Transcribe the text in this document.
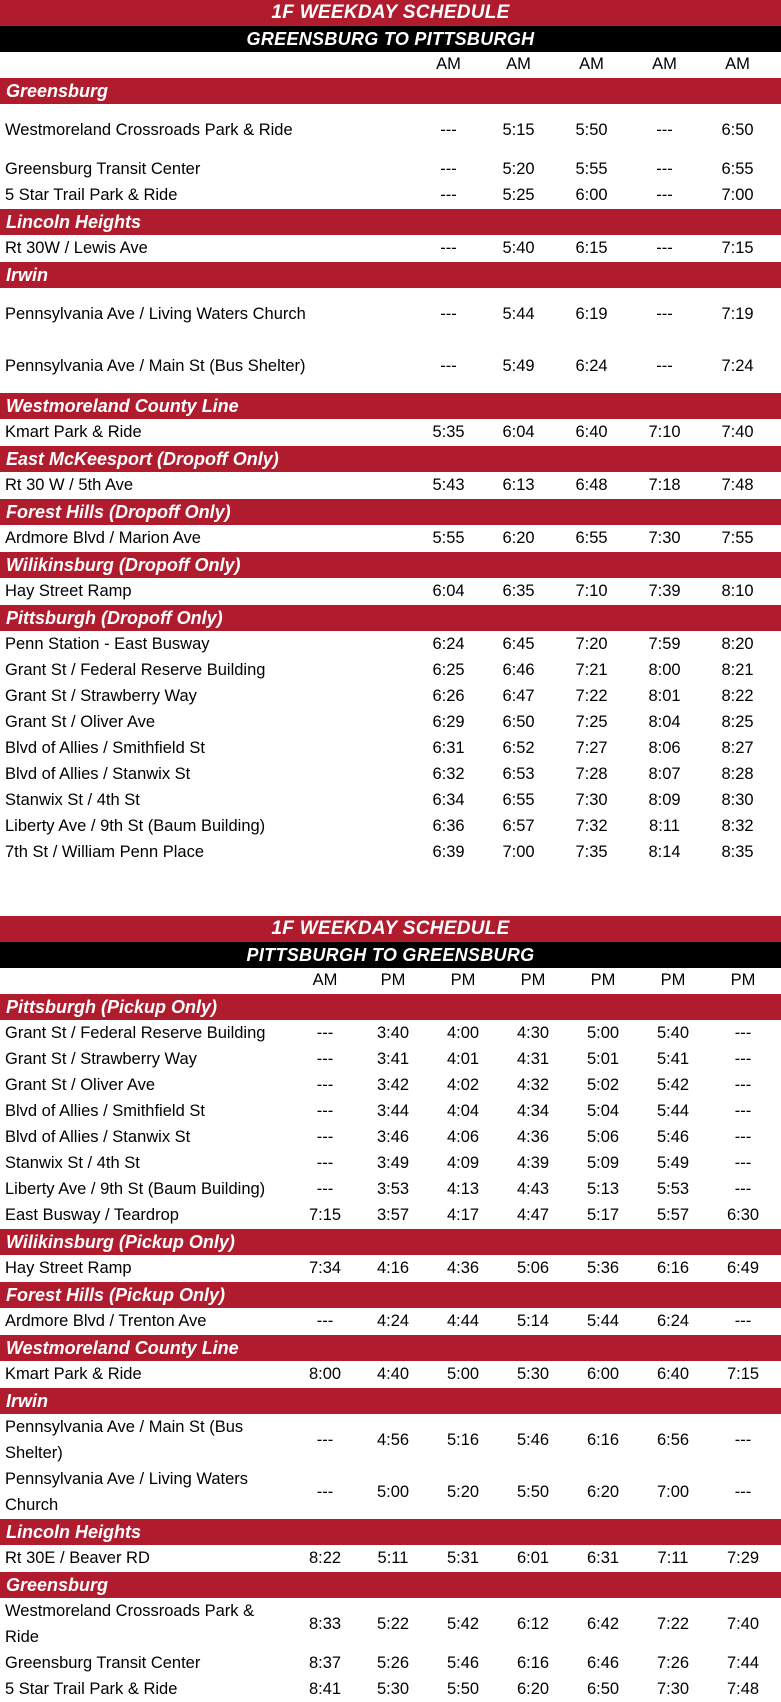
1F WEEKDAY SCHEDULE
GREENSBURG TO PITTSBURGH
AM	AM	AM	AM	AM
Greensburg
Westmoreland Crossroads Park & Ride	---	5:15	5:50	---	6:50
Greensburg Transit Center	---	5:20	5:55	---	6:55
5 Star Trail Park & Ride	---	5:25	6:00	---	7:00
Lincoln Heights
Rt 30W / Lewis Ave	---	5:40	6:15	---	7:15
Irwin
Pennsylvania Ave / Living Waters Church	---	5:44	6:19	---	7:19
Pennsylvania Ave / Main St (Bus Shelter)	---	5:49	6:24	---	7:24
Westmoreland County Line
Kmart Park & Ride	5:35	6:04	6:40	7:10	7:40
East McKeesport (Dropoff Only)
Rt 30 W / 5th Ave	5:43	6:13	6:48	7:18	7:48
Forest Hills (Dropoff Only)
Ardmore Blvd / Marion Ave	5:55	6:20	6:55	7:30	7:55
Wilikinsburg (Dropoff Only)
Hay Street Ramp	6:04	6:35	7:10	7:39	8:10
Pittsburgh (Dropoff Only)
Penn Station - East Busway	6:24	6:45	7:20	7:59	8:20
Grant St / Federal Reserve Building	6:25	6:46	7:21	8:00	8:21
Grant St / Strawberry Way	6:26	6:47	7:22	8:01	8:22
Grant St / Oliver Ave	6:29	6:50	7:25	8:04	8:25
Blvd of Allies / Smithfield St	6:31	6:52	7:27	8:06	8:27
Blvd of Allies / Stanwix St	6:32	6:53	7:28	8:07	8:28
Stanwix St / 4th St	6:34	6:55	7:30	8:09	8:30
Liberty Ave / 9th St (Baum Building)	6:36	6:57	7:32	8:11	8:32
7th St / William Penn Place	6:39	7:00	7:35	8:14	8:35
1F WEEKDAY SCHEDULE
PITTSBURGH TO GREENSBURG
AM	PM	PM	PM	PM	PM	PM
Pittsburgh (Pickup Only)
Grant St / Federal Reserve Building	---	3:40	4:00	4:30	5:00	5:40	---
Grant St / Strawberry Way	---	3:41	4:01	4:31	5:01	5:41	---
Grant St / Oliver Ave	---	3:42	4:02	4:32	5:02	5:42	---
Blvd of Allies / Smithfield St	---	3:44	4:04	4:34	5:04	5:44	---
Blvd of Allies / Stanwix St	---	3:46	4:06	4:36	5:06	5:46	---
Stanwix St / 4th St	---	3:49	4:09	4:39	5:09	5:49	---
Liberty Ave / 9th St (Baum Building)	---	3:53	4:13	4:43	5:13	5:53	---
East Busway / Teardrop	7:15	3:57	4:17	4:47	5:17	5:57	6:30
Wilikinsburg (Pickup Only)
Hay Street Ramp	7:34	4:16	4:36	5:06	5:36	6:16	6:49
Forest Hills (Pickup Only)
Ardmore Blvd / Trenton Ave	---	4:24	4:44	5:14	5:44	6:24	---
Westmoreland County Line
Kmart Park & Ride	8:00	4:40	5:00	5:30	6:00	6:40	7:15
Irwin
Pennsylvania Ave / Main St (Bus Shelter)
---	4:56	5:16	5:46	6:16	6:56	---
Pennsylvania Ave / Living Waters Church
---	5:00	5:20	5:50	6:20	7:00	---
Lincoln Heights
Rt 30E / Beaver RD	8:22	5:11	5:31	6:01	6:31	7:11	7:29
Greensburg
Westmoreland Crossroads Park & Ride
8:33	5:22	5:42	6:12	6:42	7:22	7:40
Greensburg Transit Center	8:37	5:26	5:46	6:16	6:46	7:26	7:44
5 Star Trail Park & Ride	8:41	5:30	5:50	6:20	6:50	7:30	7:48
